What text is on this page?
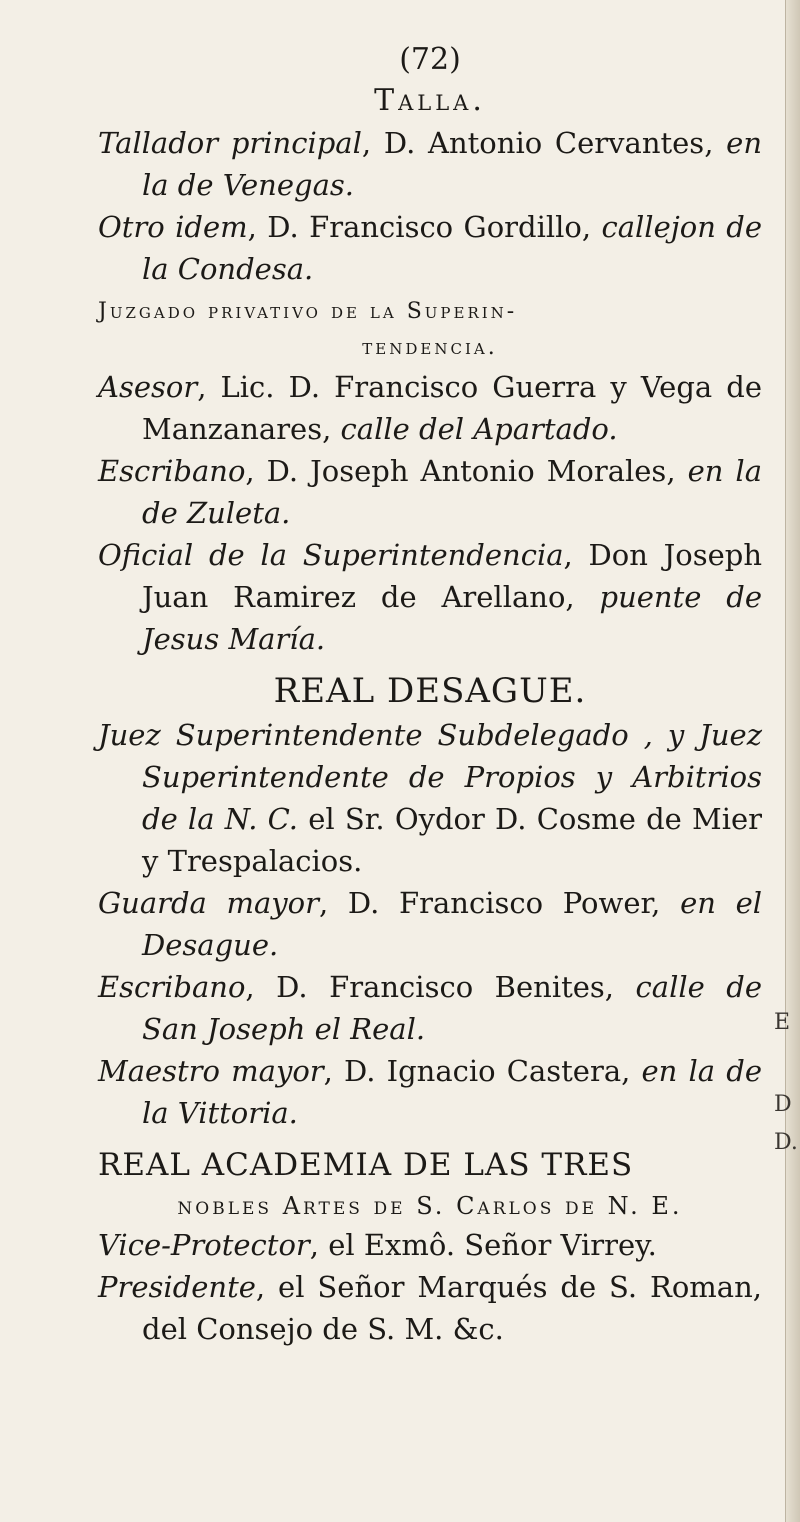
E
D
D.
(72)
Talla.

Tallador principal, D. Antonio Cervantes, en la de Venegas.

Otro idem, D. Francisco Gordillo, callejon de la Condesa.

Juzgado privativo de la Superin-
tendencia.

Asesor, Lic. D. Francisco Guerra y Vega de Manzanares, calle del Apartado.

Escribano, D. Joseph Antonio Morales, en la de Zuleta.

Oficial de la Superintendencia, Don Joseph Juan Ramirez de Arellano, puente de Jesus María.

REAL DESAGUE.

Juez Superintendente Subdelegado , y Juez Superintendente de Propios y Arbitrios de la N. C. el Sr. Oydor D. Cosme de Mier y Trespalacios.

Guarda mayor, D. Francisco Power, en el Desague.

Escribano, D. Francisco Benites, calle de San Joseph el Real.

Maestro mayor, D. Ignacio Castera, en la de la Vittoria.

REAL ACADEMIA DE LAS TRES
nobles Artes de S. Carlos de N. E.

Vice-Protector, el Exmô. Señor Virrey.

Presidente, el Señor Marqués de S. Roman, del Consejo de S. M. &c.
